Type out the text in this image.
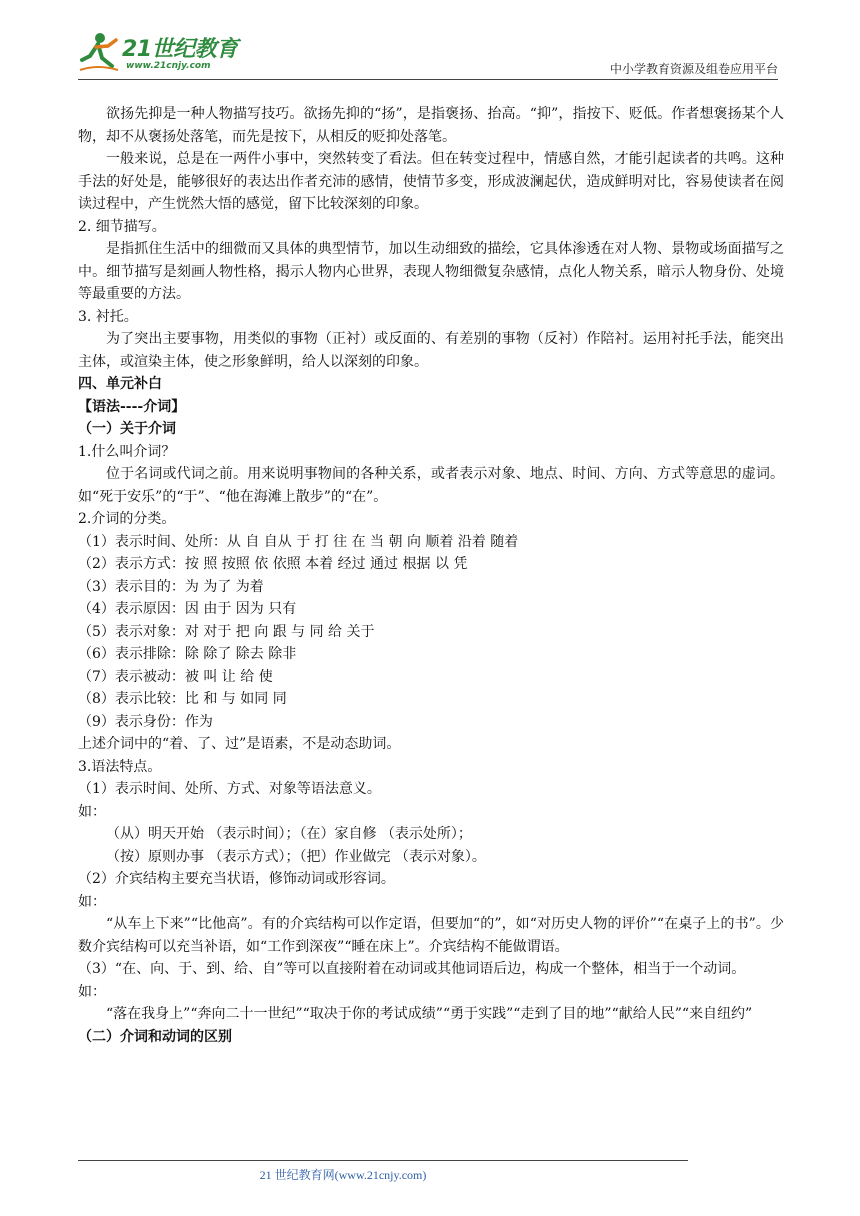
21世纪教育
www.21cnjy.com	中小学教育资源及组卷应用平台

欲扬先抑是一种人物描写技巧。欲扬先抑的“扬”，是指褒扬、抬高。“抑”，指按下、贬低。作者想褒扬某个人物，却不从褒扬处落笔，而先是按下，从相反的贬抑处落笔。

一般来说，总是在一两件小事中，突然转变了看法。但在转变过程中，情感自然，才能引起读者的共鸣。这种手法的好处是，能够很好的表达出作者充沛的感情，使情节多变，形成波澜起伏，造成鲜明对比，容易使读者在阅读过程中，产生恍然大悟的感觉，留下比较深刻的印象。

2. 细节描写。

是指抓住生活中的细微而又具体的典型情节，加以生动细致的描绘，它具体渗透在对人物、景物或场面描写之中。细节描写是刻画人物性格，揭示人物内心世界，表现人物细微复杂感情，点化人物关系，暗示人物身份、处境等最重要的方法。

3. 衬托。

为了突出主要事物，用类似的事物（正衬）或反面的、有差别的事物（反衬）作陪衬。运用衬托手法，能突出主体，或渲染主体，使之形象鲜明，给人以深刻的印象。

四、单元补白

【语法----介词】

（一）关于介词

1.什么叫介词？

位于名词或代词之前。用来说明事物间的各种关系，或者表示对象、地点、时间、方向、方式等意思的虚词。如“死于安乐”的“于”、“他在海滩上散步”的“在”。

2.介词的分类。

（1）表示时间、处所：从 自 自从 于 打 往 在 当 朝 向 顺着 沿着 随着

（2）表示方式：按 照 按照 依 依照 本着 经过 通过 根据 以 凭

（3）表示目的：为 为了 为着

（4）表示原因：因 由于 因为 只有

（5）表示对象：对 对于 把 向 跟 与 同 给 关于

（6）表示排除：除 除了 除去 除非

（7）表示被动：被 叫 让 给 使

（8）表示比较：比 和 与 如同 同

（9）表示身份：作为

上述介词中的“着、了、过”是语素，不是动态助词。

3.语法特点。

（1）表示时间、处所、方式、对象等语法意义。

如：

（从）明天开始 （表示时间）；（在）家自修 （表示处所）；

（按）原则办事 （表示方式）；（把）作业做完 （表示对象）。

（2）介宾结构主要充当状语，修饰动词或形容词。

如：

“从车上下来”“比他高”。有的介宾结构可以作定语，但要加“的”，如“对历史人物的评价”“在桌子上的书”。少数介宾结构可以充当补语，如“工作到深夜”“睡在床上”。介宾结构不能做谓语。

（3）“在、向、于、到、给、自”等可以直接附着在动词或其他词语后边，构成一个整体，相当于一个动词。

如：

“落在我身上”“奔向二十一世纪”“取决于你的考试成绩”“勇于实践”“走到了目的地”“献给人民”“来自纽约”

（二）介词和动词的区别

21 世纪教育网(www.21cnjy.com)
